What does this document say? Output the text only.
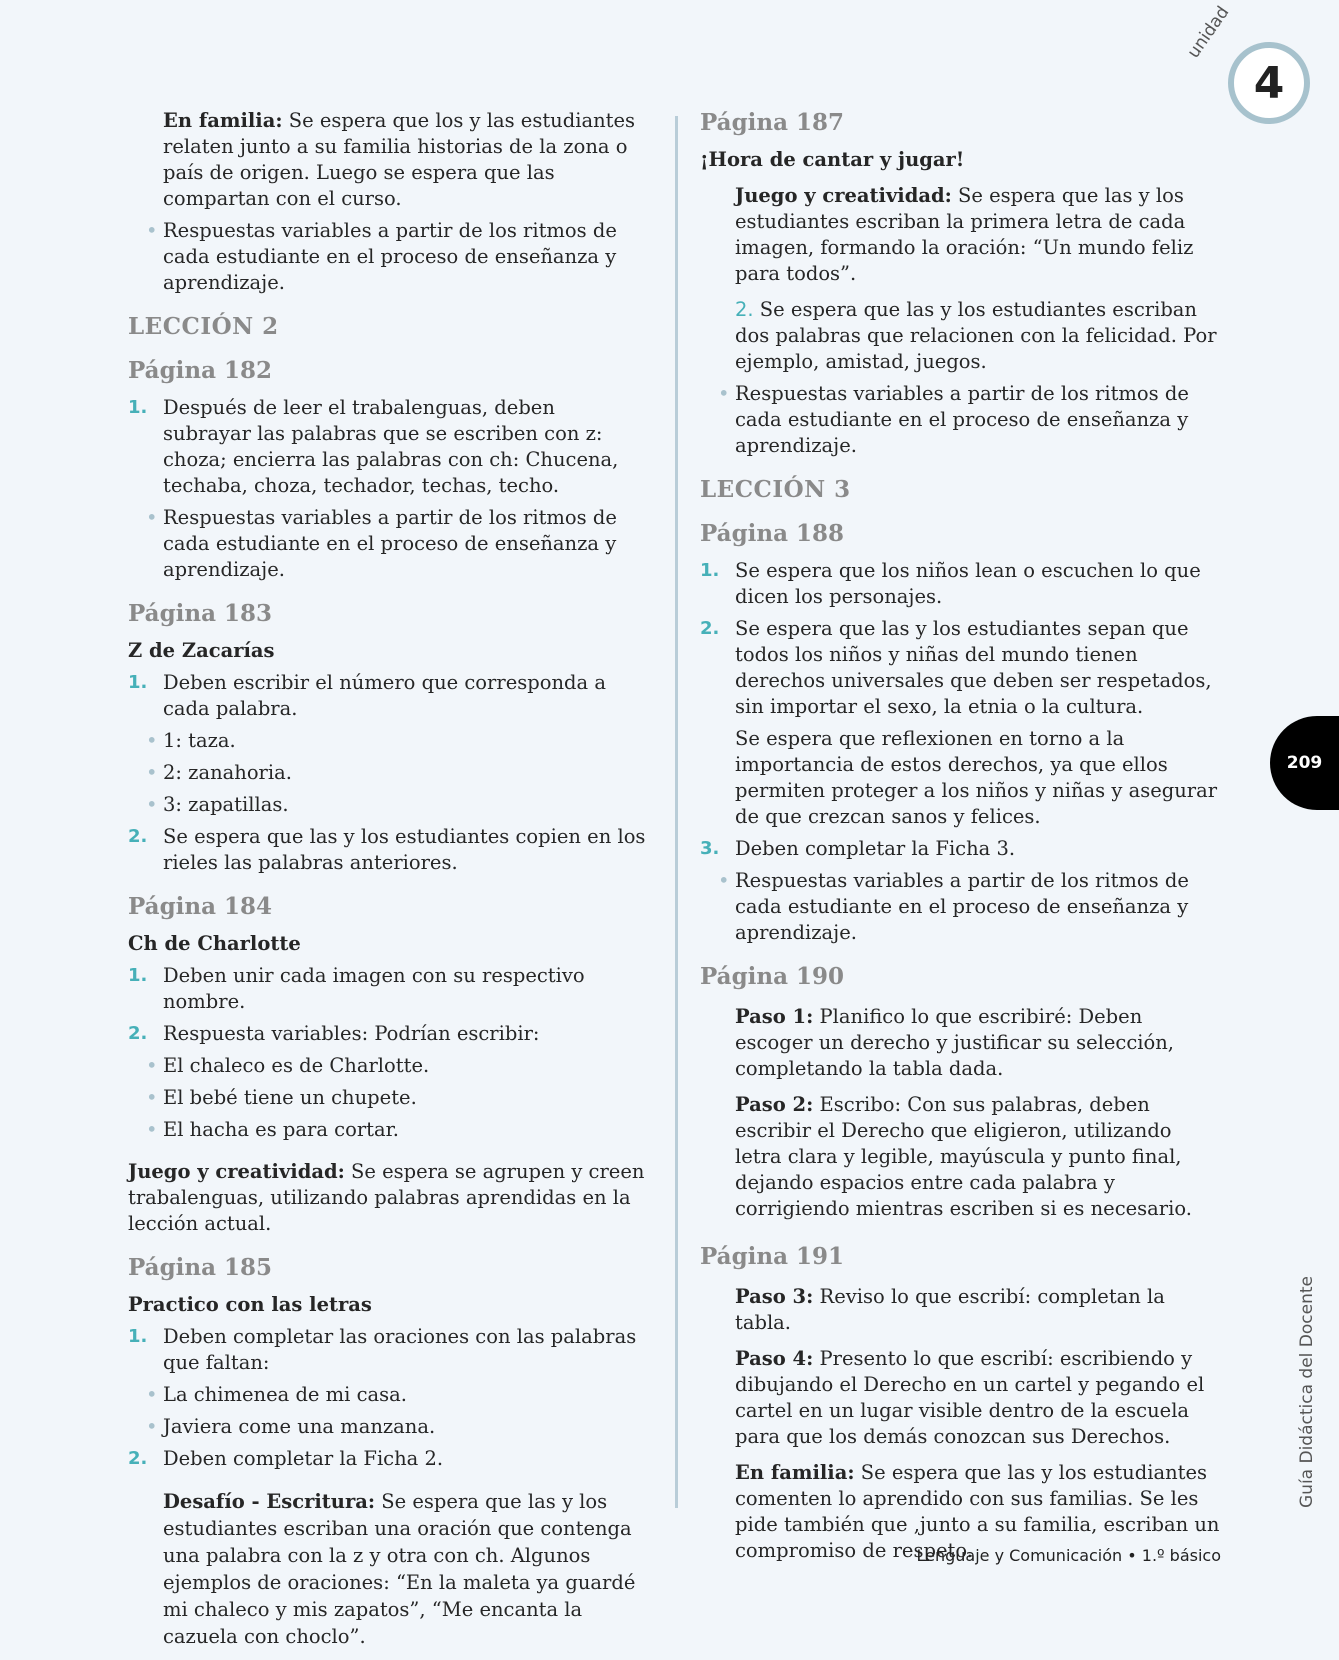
unidad
4

En familia: Se espera que los y las estudiantes relaten junto a su familia historias de la zona o país de origen. Luego se espera que las compartan con el curso.

• Respuestas variables a partir de los ritmos de cada estudiante en el proceso de enseñanza y aprendizaje.

LECCIÓN 2
Página 182

1. Después de leer el trabalenguas, deben subrayar las palabras que se escriben con z: choza; encierra las palabras con ch: Chucena, techaba, choza, techador, techas, techo.

• Respuestas variables a partir de los ritmos de cada estudiante en el proceso de enseñanza y aprendizaje.

Página 183

Z de Zacarías

1. Deben escribir el número que corresponda a cada palabra.

• 1: taza.

• 2: zanahoria.

• 3: zapatillas.

2. Se espera que las y los estudiantes copien en los rieles las palabras anteriores.

Página 184

Ch de Charlotte

1. Deben unir cada imagen con su respectivo nombre.

2. Respuesta variables: Podrían escribir:

• El chaleco es de Charlotte.

• El bebé tiene un chupete.

• El hacha es para cortar.

Juego y creatividad: Se espera se agrupen y creen trabalenguas, utilizando palabras aprendidas en la lección actual.

Página 185

Practico con las letras

1. Deben completar las oraciones con las palabras que faltan:

• La chimenea de mi casa.

• Javiera come una manzana.

2. Deben completar la Ficha 2.

Desafío - Escritura: Se espera que las y los estudiantes escriban una oración que contenga una palabra con la z y otra con ch. Algunos ejemplos de oraciones: “En la maleta ya guardé mi chaleco y mis zapatos”, “Me encanta la cazuela con choclo”.

Página 187

¡Hora de cantar y jugar!

Juego y creatividad: Se espera que las y los estudiantes escriban la primera letra de cada imagen, formando la oración: “Un mundo feliz para todos”.

2. Se espera que las y los estudiantes escriban dos palabras que relacionen con la felicidad. Por ejemplo, amistad, juegos.

• Respuestas variables a partir de los ritmos de cada estudiante en el proceso de enseñanza y aprendizaje.

LECCIÓN 3
Página 188

1. Se espera que los niños lean o escuchen lo que dicen los personajes.

2. Se espera que las y los estudiantes sepan que todos los niños y niñas del mundo tienen derechos universales que deben ser respetados, sin importar el sexo, la etnia o la cultura.

Se espera que reflexionen en torno a la importancia de estos derechos, ya que ellos permiten proteger a los niños y niñas y asegurar de que crezcan sanos y felices.

3. Deben completar la Ficha 3.

• Respuestas variables a partir de los ritmos de cada estudiante en el proceso de enseñanza y aprendizaje.

Página 190

Paso 1: Planifico lo que escribiré: Deben escoger un derecho y justificar su selección, completando la tabla dada.

Paso 2: Escribo: Con sus palabras, deben escribir el Derecho que eligieron, utilizando letra clara y legible, mayúscula y punto final, dejando espacios entre cada palabra y corrigiendo mientras escriben si es necesario.

Página 191

Paso 3: Reviso lo que escribí: completan la tabla.

Paso 4: Presento lo que escribí: escribiendo y dibujando el Derecho en un cartel y pegando el cartel en un lugar visible dentro de la escuela para que los demás conozcan sus Derechos.

En familia: Se espera que las y los estudiantes comenten lo aprendido con sus familias. Se les pide también que ,junto a su familia, escriban un compromiso de respeto.

209
Guía Didáctica del Docente
Lenguaje y Comunicación • 1.º básico
